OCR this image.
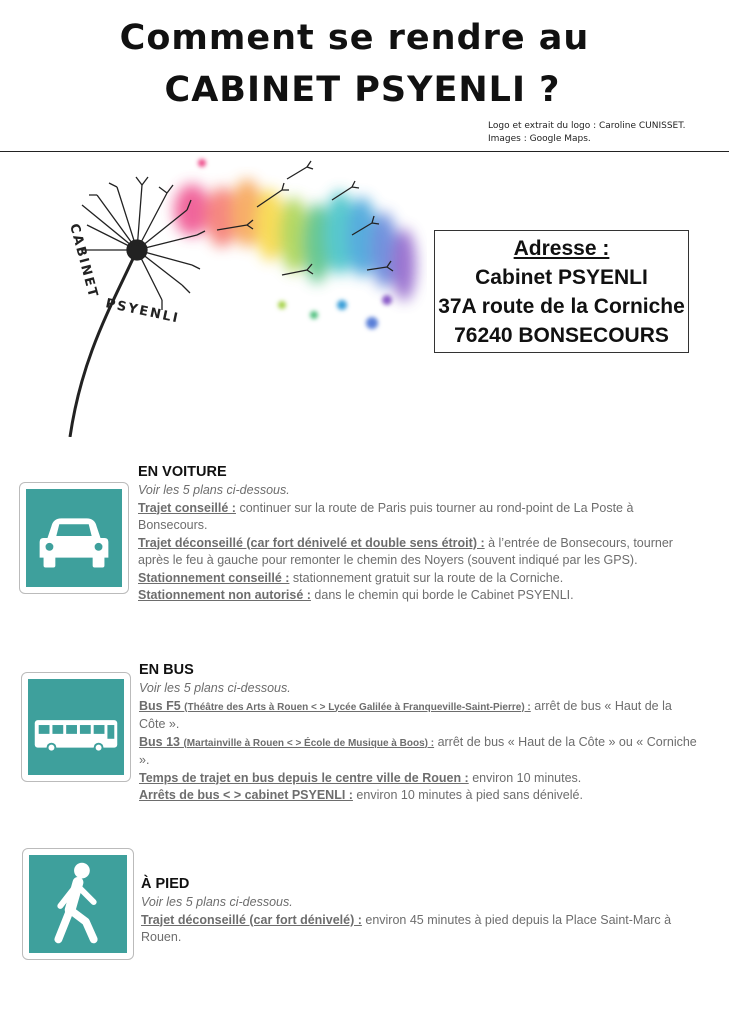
Comment se rendre au
CABINET PSYENLI ?
Logo et extrait du logo : Caroline CUNISSET.
Images : Google Maps.
CABINET
PSYENLI
Adresse :
Cabinet PSYENLI
37A route de la Corniche
76240 BONSECOURS
EN VOITURE
Voir les 5 plans ci-dessous.
Trajet conseillé : continuer sur la route de Paris puis tourner au rond-point de La Poste à Bonsecours.
Trajet déconseillé (car fort dénivelé et double sens étroit) : à l’entrée de Bonsecours, tourner après le feu à gauche pour remonter le chemin des Noyers (souvent indiqué par les GPS).
Stationnement conseillé : stationnement gratuit sur la route de la Corniche.
Stationnement non autorisé : dans le chemin qui borde le Cabinet PSYENLI.
EN BUS
Voir les 5 plans ci-dessous.
Bus F5 (Théâtre des Arts à Rouen < > Lycée Galilée à Franqueville-Saint-Pierre) : arrêt de bus « Haut de la Côte ».
Bus 13 (Martainville à Rouen < > École de Musique à Boos) : arrêt de bus « Haut de la Côte » ou « Corniche ».
Temps de trajet en bus depuis le centre ville de Rouen : environ 10 minutes.
Arrêts de bus < > cabinet PSYENLI : environ 10 minutes à pied sans dénivelé.
À PIED
Voir les 5 plans ci-dessous.
Trajet déconseillé (car fort dénivelé) : environ 45 minutes à pied depuis la Place Saint-Marc à Rouen.
